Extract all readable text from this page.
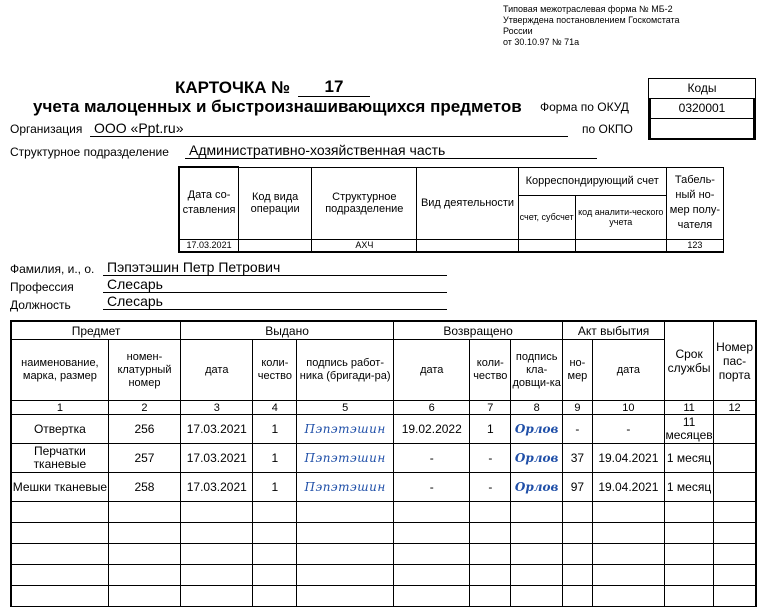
Типовая межотраслевая форма № МБ-2
Утверждена постановлением Госкомстата
России
от 30.10.97 № 71а
Коды
0320001
Форма по ОКУД
по ОКПО
КАРТОЧКА №	17
учета малоценных и быстроизнашивающихся предметов
Организация ООО «Ppt.ru»
Структурное подразделение Административно-хозяйственная часть
Дата со-ставления	Код вида операции	Структурное подразделение	Вид деятельности	Корреспондирующий счет		Табель-ный но-мер полу-чателя
				счет, субсчет	код аналити-ческого учета	
17.03.2021		АХЧ				123
Фамилия, и., о. Пэпэтэшин Петр Петрович
Профессия Слесарь
Должность	Слесарь
Предмет		Выдано			Возвращено			Акт выбытия		Срок службы	Номер пас-порта
наименование, марка, размер	номен-клатурный номер	дата	коли-чество	подпись работ-ника (бригади-ра)	дата	коли-чество	подпись кла-довщи-ка	но-мер	дата		
1	2	3	4	5	6	7	8	9	10	11	12
Отвертка	256	17.03.2021	1	Пэпэтэшин	19.02.2022	1	Орлов	-	-	11 месяцев	
Перчатки тканевые	257	17.03.2021	1	Пэпэтэшин	-	-	Орлов	37	19.04.2021	1 месяц	
Мешки тканевые	258	17.03.2021	1	Пэпэтэшин	-	-	Орлов	97	19.04.2021	1 месяц	
